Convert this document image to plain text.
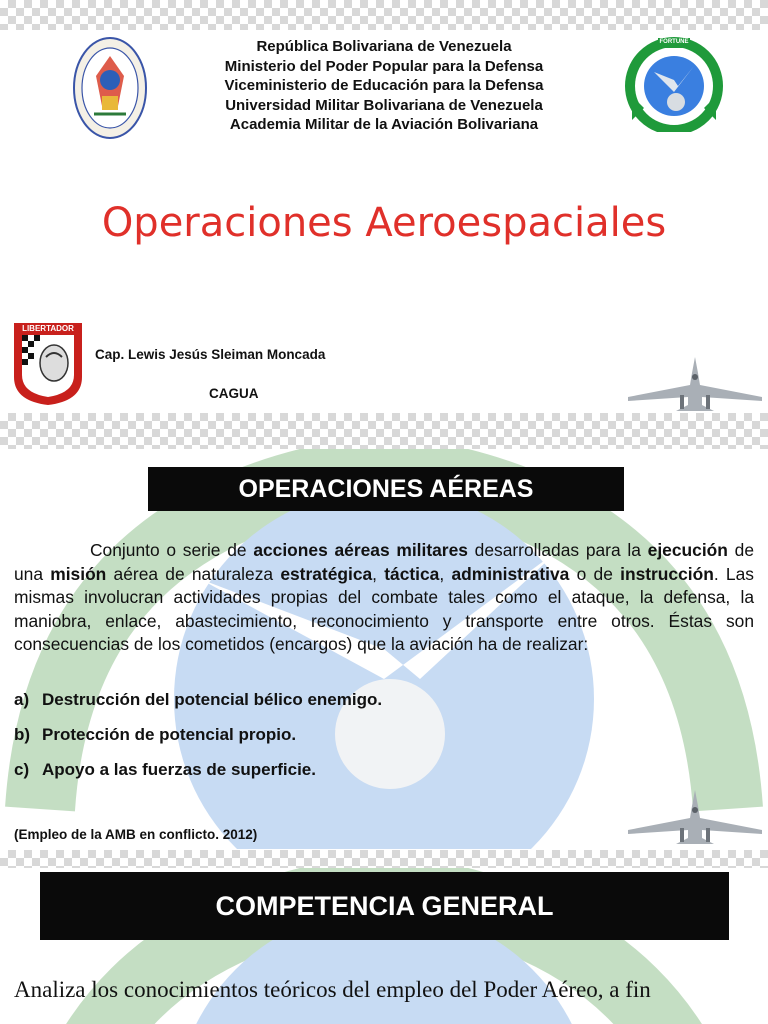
FORTUNE
República Bolivariana de Venezuela
Ministerio del Poder Popular para la Defensa
Viceministerio de Educación para la Defensa
Universidad Militar Bolivariana de Venezuela
Academia Militar de la Aviación Bolivariana
Operaciones Aeroespaciales
LIBERTADOR
Cap. Lewis Jesús Sleiman Moncada
CAGUA
OPERACIONES AÉREAS
Conjunto o serie de acciones aéreas militares desarrolladas para la ejecución de una misión aérea de naturaleza estratégica, táctica, administrativa o de instrucción. Las mismas involucran actividades propias del combate tales como el ataque, la defensa, la maniobra, enlace, abastecimiento, reconocimiento y transporte entre otros. Éstas son consecuencias de los cometidos (encargos) que la aviación ha de realizar:
a) Destrucción del potencial bélico enemigo.
b) Protección de potencial propio.
c) Apoyo a las fuerzas de superficie.
(Empleo de la AMB en conflicto. 2012)
COMPETENCIA GENERAL
Analiza los conocimientos teóricos del empleo del Poder Aéreo, a fin
